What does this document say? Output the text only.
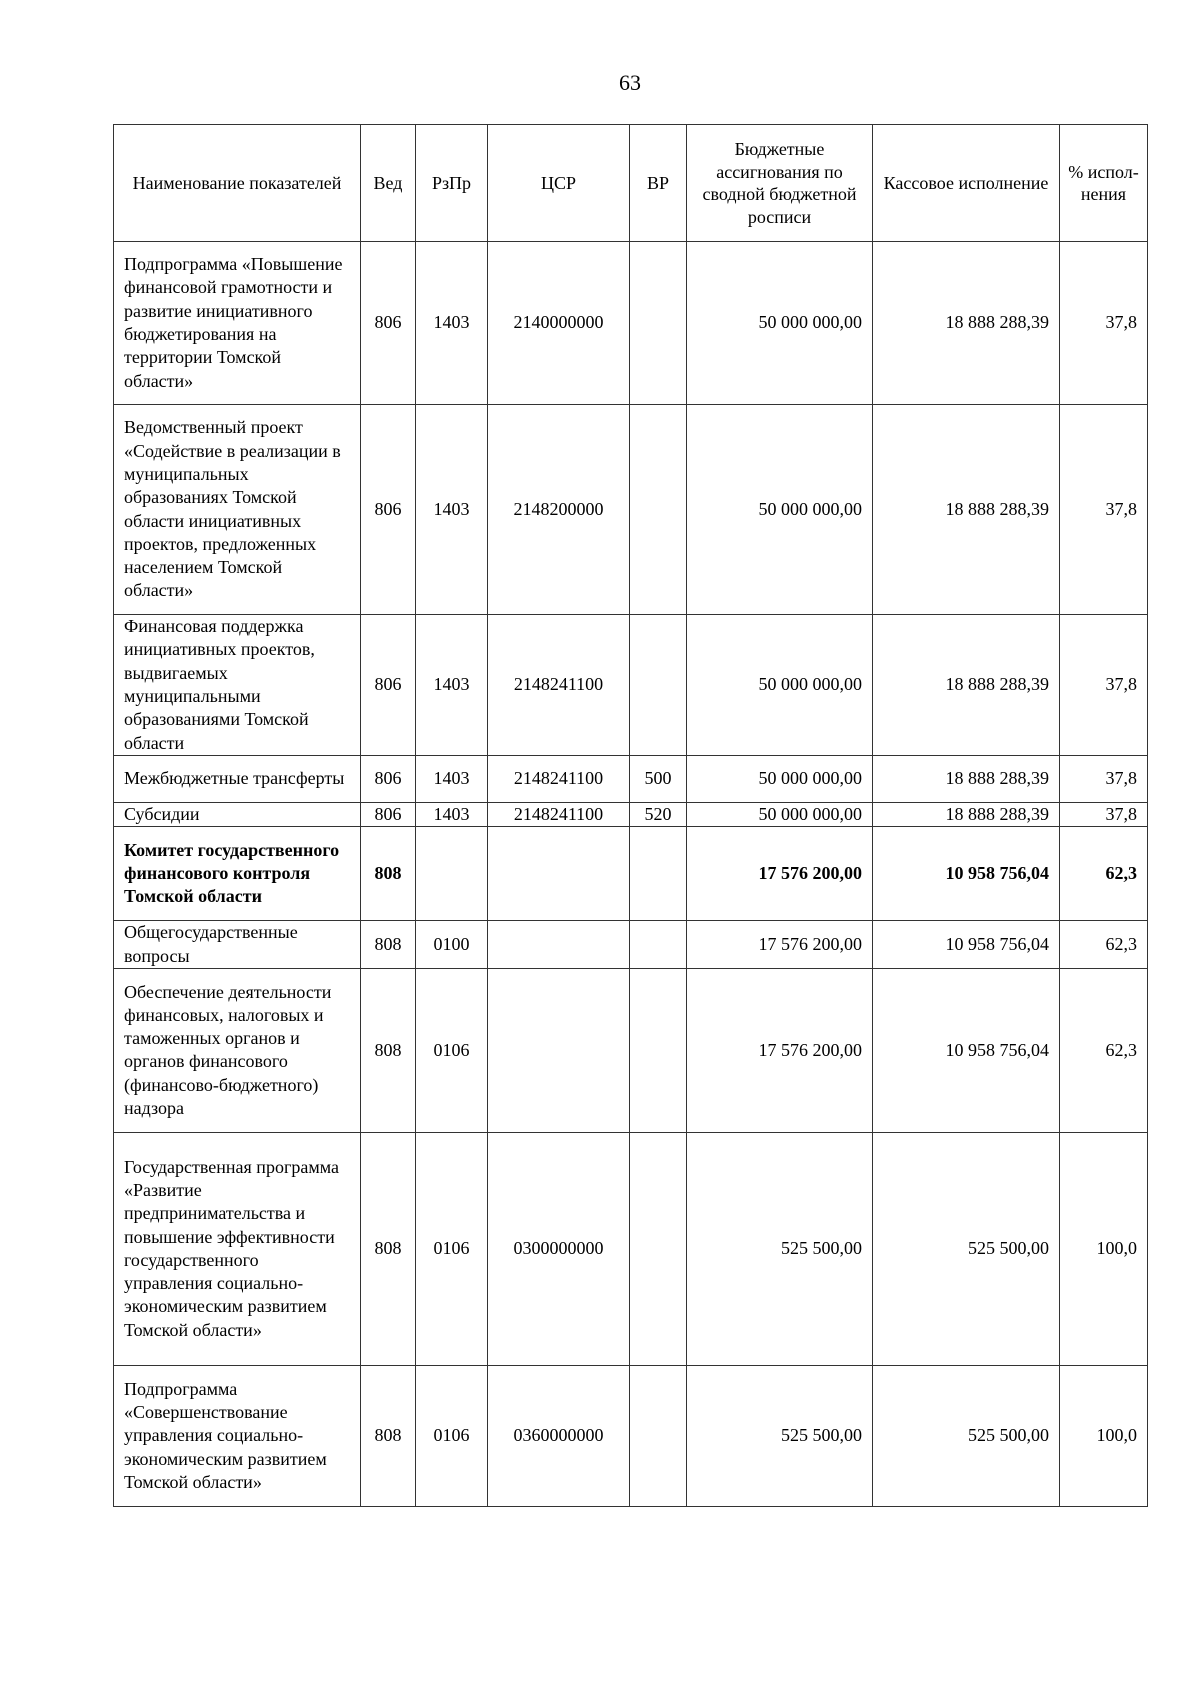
63
Наименование показателей	Вед	РзПр	ЦСР	ВР	Бюджетные ассигнования по сводной бюджетной росписи	Кассовое исполнение	% испол-нения
Подпрограмма «Повышение финансовой грамотности и развитие инициативного бюджетирования на территории Томской области»	806	1403	2140000000		50 000 000,00	18 888 288,39	37,8
Ведомственный проект «Содействие в реализации в муниципальных образованиях Томской области инициативных проектов, предложенных населением Томской области»	806	1403	2148200000		50 000 000,00	18 888 288,39	37,8
Финансовая поддержка инициативных проектов, выдвигаемых муниципальными образованиями Томской области	806	1403	2148241100		50 000 000,00	18 888 288,39	37,8
Межбюджетные трансферты	806	1403	2148241100	500	50 000 000,00	18 888 288,39	37,8
Субсидии	806	1403	2148241100	520	50 000 000,00	18 888 288,39	37,8
Комитет государственного финансового контроля Томской области	808				17 576 200,00	10 958 756,04	62,3
Общегосударственные вопросы	808	0100			17 576 200,00	10 958 756,04	62,3
Обеспечение деятельности финансовых, налоговых и таможенных органов и органов финансового (финансово-бюджетного) надзора	808	0106			17 576 200,00	10 958 756,04	62,3
Государственная программа «Развитие предпринимательства и повышение эффективности государственного управления социально-экономическим развитием Томской области»	808	0106	0300000000		525 500,00	525 500,00	100,0
Подпрограмма «Совершенствование управления социально-экономическим развитием Томской области»	808	0106	0360000000		525 500,00	525 500,00	100,0
